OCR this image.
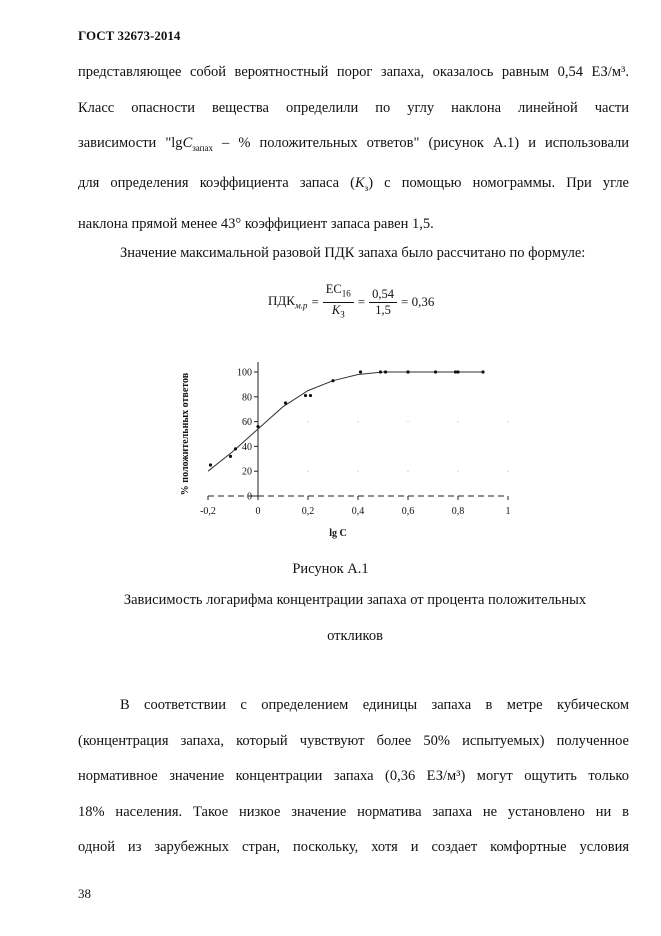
ГОСТ 32673-2014
представляющее собой вероятностный порог запаха, оказалось равным 0,54 ЕЗ/м³.
Класс опасности вещества определили по углу наклона линейной части
зависимости "lgC$_{запах}$ – % положительных ответов" (рисунок А.1) и использовали
для определения коэффициента запаса $(K_з)$ с помощью номограммы. При угле
наклона прямой менее 43° коэффициент запаса равен 1,5.
Значение максимальной разовой ПДК запаха было рассчитано по формуле:
$ПДК_{м.р} = \frac{ЕC_{16}}{K_З} = \frac{0,54}{1,5} = 0,36$
0
20
40
60
80
100
-0,2	0	0,2	0,4	0,6	0,8	1
% положительных ответов
lg C
Рисунок А.1
Зависимость логарифма концентрации запаха от процента положительных откликов
В соответствии с определением единицы запаха в метре кубическом
(концентрация запаха, который чувствуют более 50% испытуемых) полученное
нормативное значение концентрации запаха (0,36 ЕЗ/м³) могут ощутить только
18% населения. Такое низкое значение норматива запаха не установлено ни в
одной из зарубежных стран, поскольку, хотя и создает комфортные условия
38
